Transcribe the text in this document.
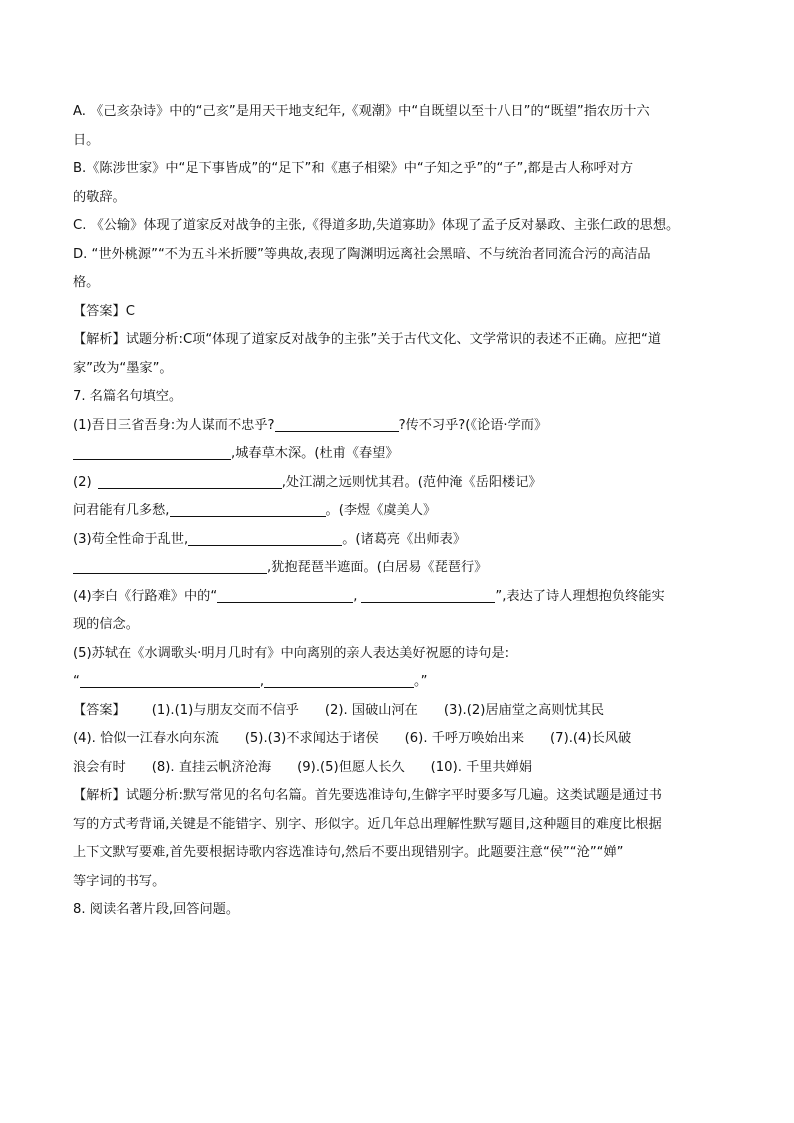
A. 《己亥杂诗》中的“己亥”是用天干地支纪年,《观潮》中“自既望以至十八日”的“既望”指农历十六
日。
B.《陈涉世家》中“足下事皆成”的“足下”和《惠子相梁》中“子知之乎”的“子”,都是古人称呼对方
的敬辞。
C. 《公输》体现了道家反对战争的主张,《得道多助,失道寡助》体现了孟子反对暴政、主张仁政的思想。
D. “世外桃源”“不为五斗米折腰”等典故,表现了陶渊明远离社会黑暗、不与统治者同流合污的高洁品
格。
【答案】C
【解析】试题分析:C项“体现了道家反对战争的主张”关于古代文化、文学常识的表述不正确。应把“道
家”改为“墨家”。
7. 名篇名句填空。
(1)吾日三省吾身:为人谋而不忠乎?	?传不习乎?(《论语·学而》
,城春草木深。(杜甫《春望》
(2)	,处江湖之远则忧其君。(范仲淹《岳阳楼记》
问君能有几多愁,	。(李煜《虞美人》
(3)苟全性命于乱世,	。(诸葛亮《出师表》
,犹抱琵琶半遮面。(白居易《琵琶行》
(4)李白《行路难》中的“	,	”,表达了诗人理想抱负终能实
现的信念。
(5)苏轼在《水调歌头·明月几时有》中向离别的亲人表达美好祝愿的诗句是:
“	,	。”
【答案】 (1).(1)与朋友交而不信乎 (2). 国破山河在 (3).(2)居庙堂之高则忧其民
(4). 恰似一江春水向东流 (5).(3)不求闻达于诸侯 (6). 千呼万唤始出来 (7).(4)长风破
浪会有时 (8). 直挂云帆济沧海 (9).(5)但愿人长久 (10). 千里共婵娟
【解析】试题分析:默写常见的名句名篇。首先要选准诗句,生僻字平时要多写几遍。这类试题是通过书
写的方式考背诵,关键是不能错字、别字、形似字。近几年总出理解性默写题目,这种题目的难度比根据
上下文默写要难,首先要根据诗歌内容选准诗句,然后不要出现错别字。此题要注意“侯”“沧”“婵”
等字词的书写。
8. 阅读名著片段,回答问题。
